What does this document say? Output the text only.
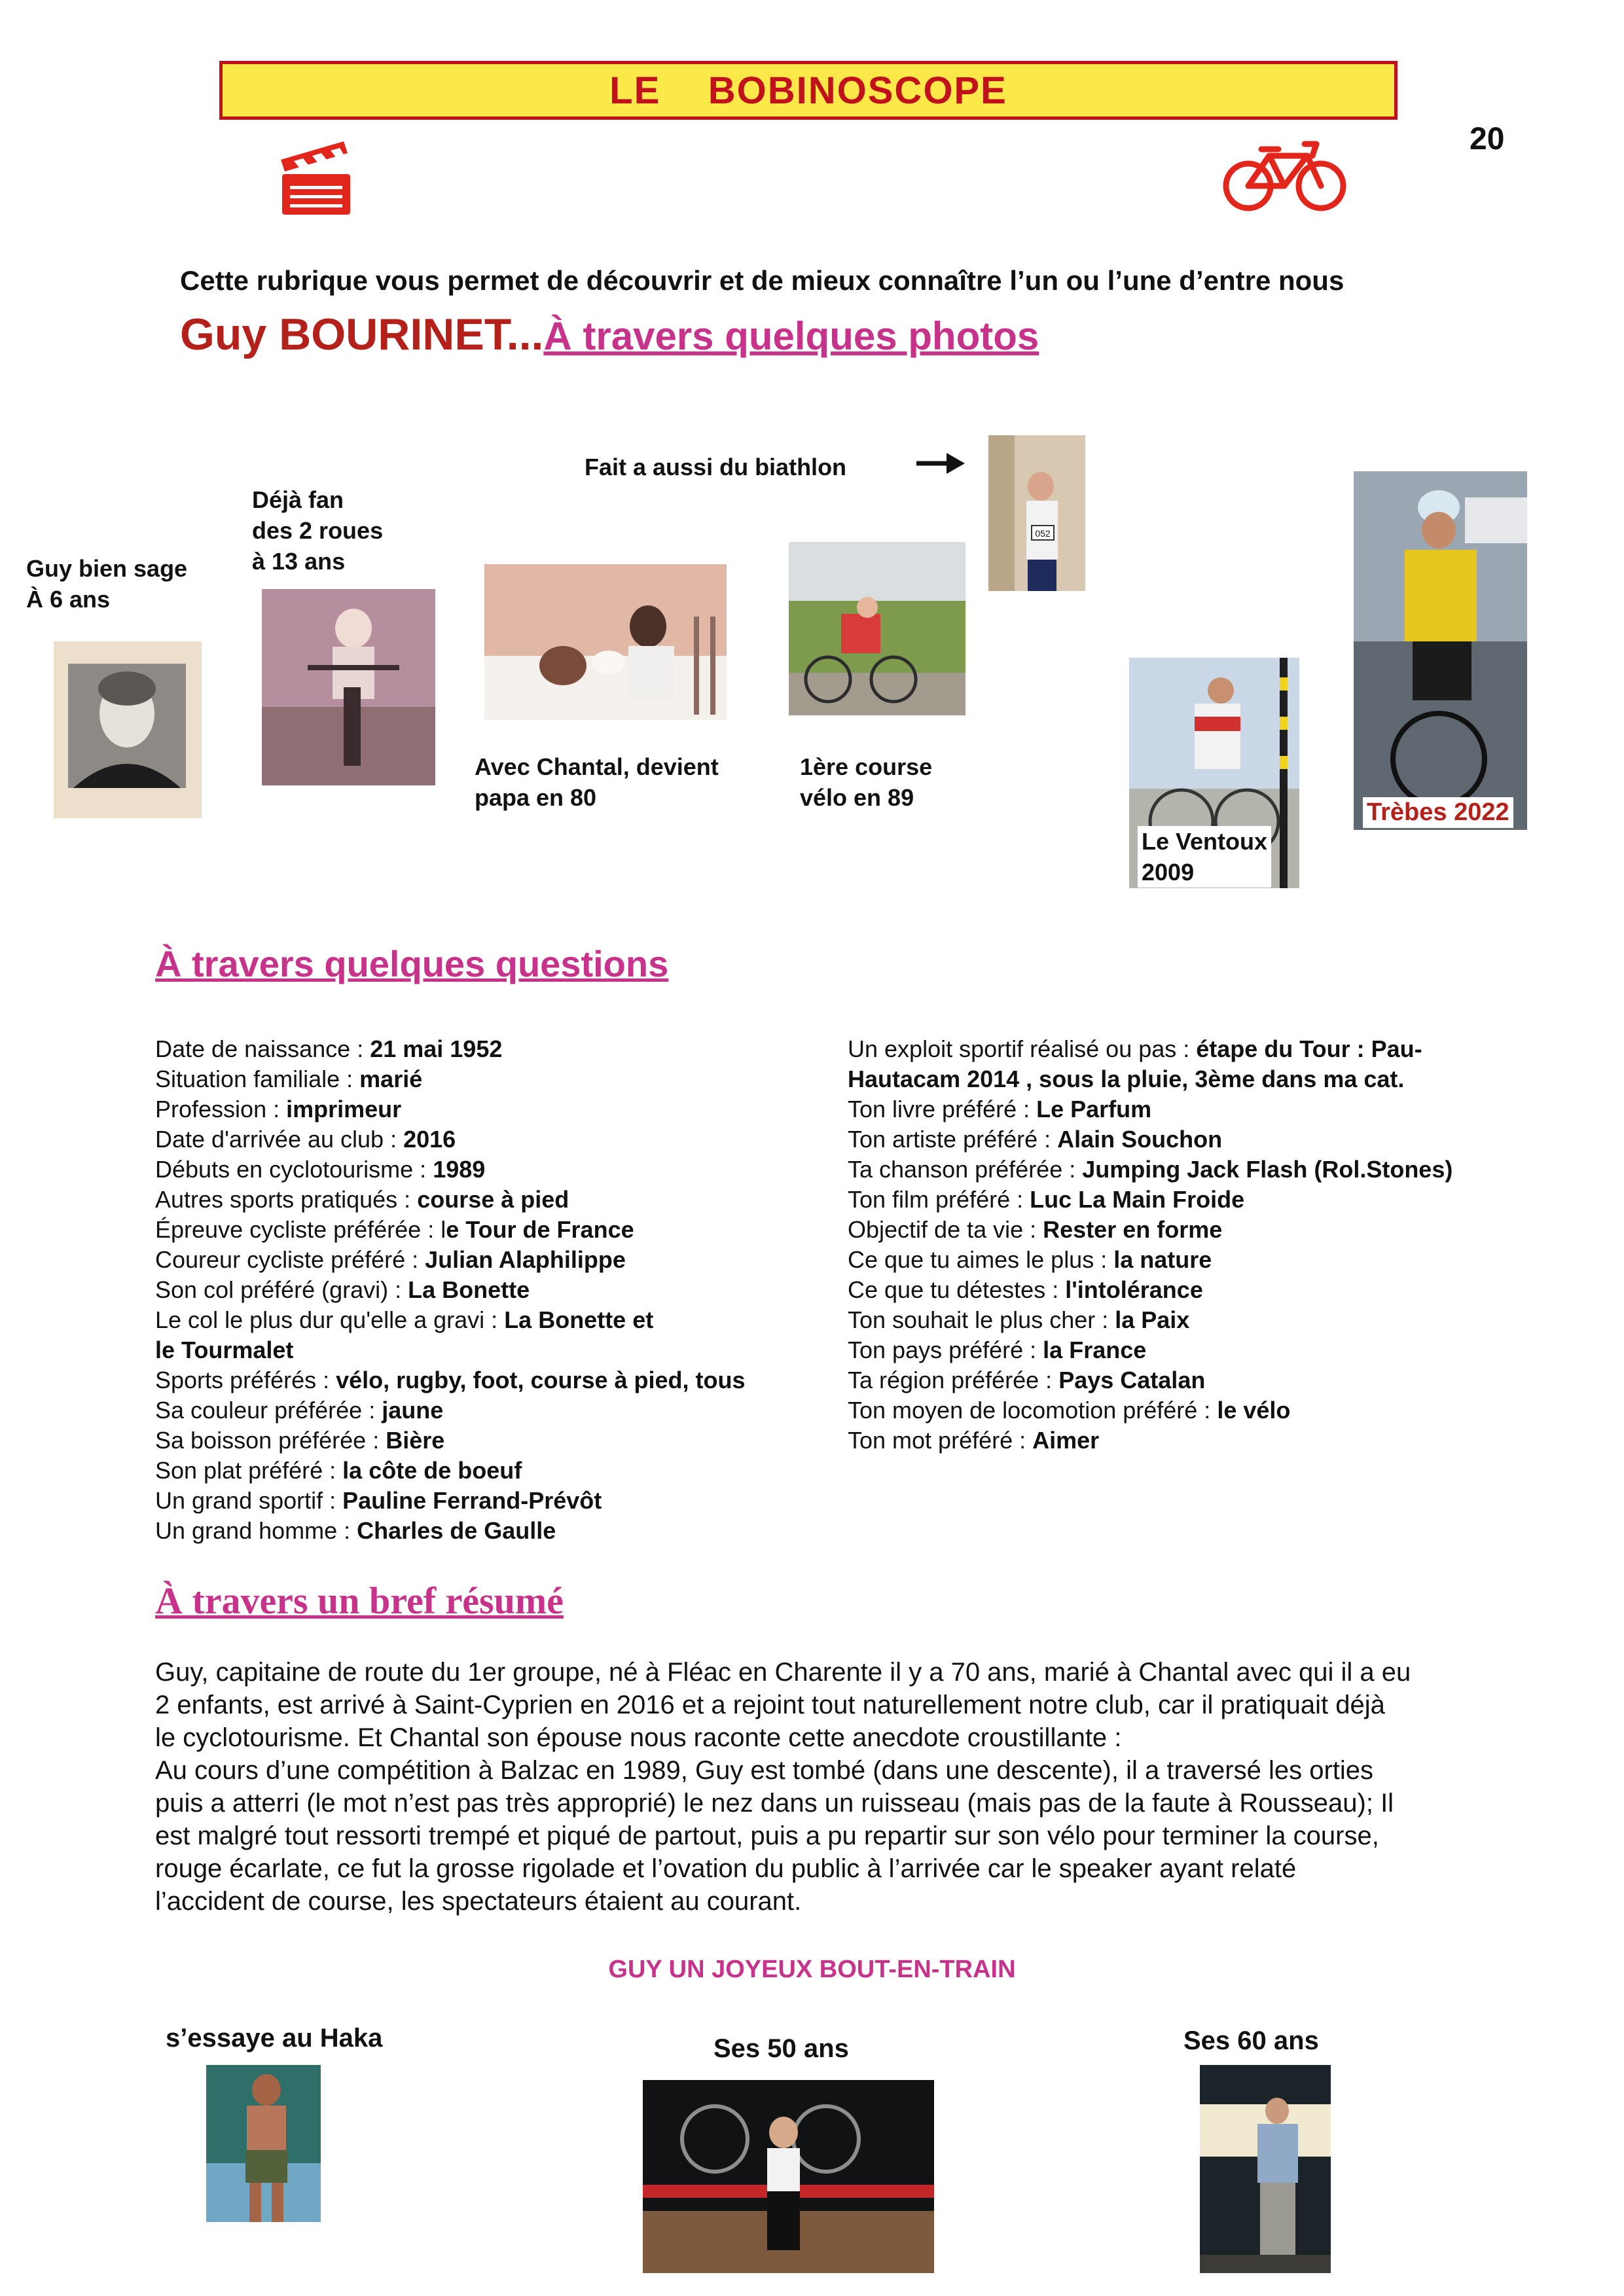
LE    BOBINOSCOPE
20
Cette rubrique vous permet de découvrir et de mieux connaître l’un ou l’une d’entre nous
Guy BOURINET...À travers quelques photos
Guy bien sage
À 6 ans
Déjà fan
des 2 roues
à 13 ans
Avec Chantal, devient
papa en 80
1ère course
vélo en 89
Fait a aussi du biathlon
052
Le Ventoux
2009
Trèbes 2022
À travers quelques questions
Date de naissance : 21 mai 1952
Situation familiale : marié
Profession : imprimeur
Date d'arrivée au club : 2016
Débuts en cyclotourisme : 1989
Autres sports pratiqués : course à pied
Épreuve cycliste préférée : le Tour de France
Coureur cycliste préféré : Julian Alaphilippe
Son col préféré (gravi) : La Bonette
Le col le plus dur qu'elle a gravi : La Bonette et
le Tourmalet
Sports préférés : vélo, rugby, foot, course à pied, tous
Sa couleur préférée : jaune
Sa boisson préférée : Bière
Son plat préféré : la côte de boeuf
Un grand sportif : Pauline Ferrand-Prévôt
Un grand homme : Charles de Gaulle
Un exploit sportif réalisé ou pas : étape du Tour : Pau-
Hautacam 2014 , sous la pluie, 3ème dans ma cat.
Ton livre préféré : Le Parfum
Ton artiste préféré : Alain Souchon
Ta chanson préférée : Jumping Jack Flash (Rol.Stones)
Ton film préféré : Luc La Main Froide
Objectif de ta vie : Rester en forme
Ce que tu aimes le plus : la nature
Ce que tu détestes : l'intolérance
Ton souhait le plus cher : la Paix
Ton pays préféré : la France
Ta région préférée : Pays Catalan
Ton moyen de locomotion préféré : le vélo
Ton mot préféré : Aimer
À travers un bref résumé

Guy, capitaine de route du 1er groupe, né à Fléac en Charente il y a 70 ans, marié à Chantal avec qui il a eu

2 enfants, est arrivé à Saint-Cyprien en 2016 et a rejoint tout naturellement notre club, car il pratiquait déjà

le cyclotourisme. Et Chantal son épouse nous raconte cette anecdote croustillante :

Au cours d’une compétition à Balzac en 1989, Guy est tombé (dans une descente), il a traversé les orties

puis a atterri (le mot n’est pas très approprié) le nez dans un ruisseau (mais pas de la faute à Rousseau); Il

est malgré tout ressorti trempé et piqué de partout, puis a pu repartir sur son vélo pour terminer la course,

rouge écarlate, ce fut la grosse rigolade et l’ovation du public à l’arrivée car le speaker ayant relaté

l’accident de course, les spectateurs étaient au courant.

GUY UN JOYEUX BOUT-EN-TRAIN
s’essaye au Haka	Ses 50 ans	Ses 60 ans
